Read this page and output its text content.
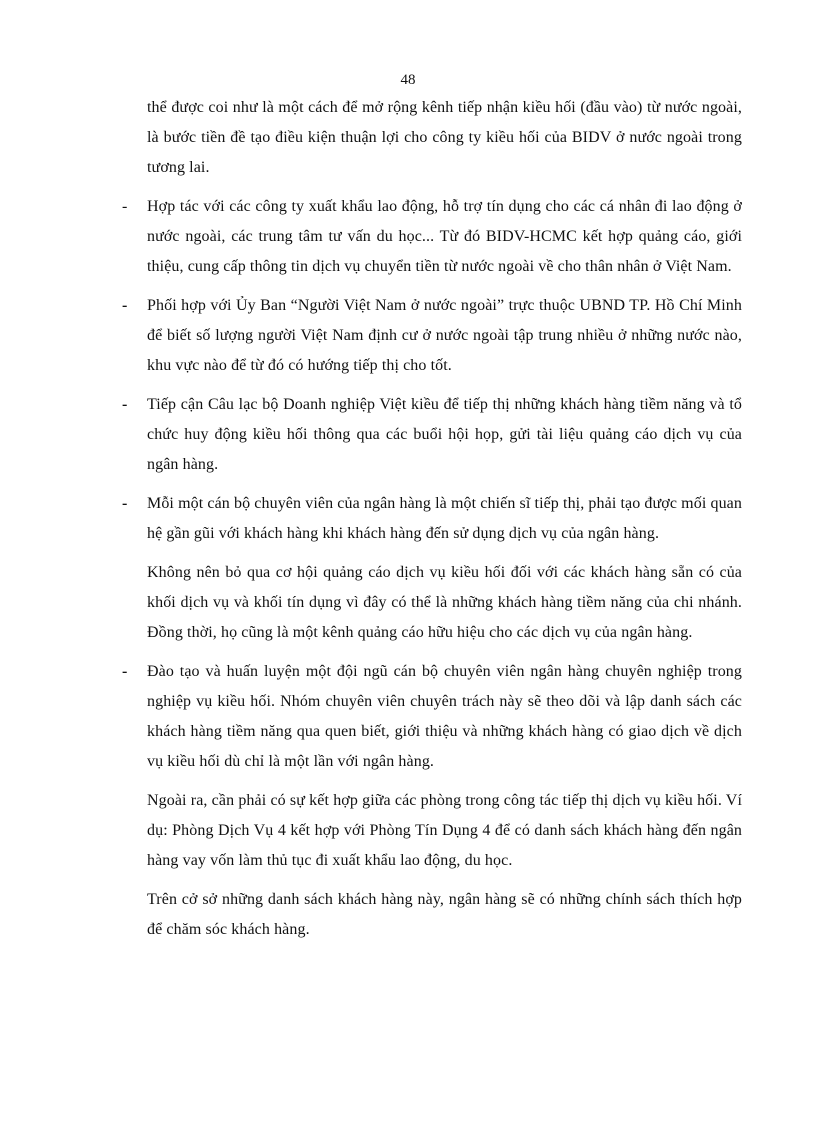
48

thể được coi như là một cách để mở rộng kênh tiếp nhận kiều hối (đầu vào) từ nước ngoài, là bước tiền đề tạo điều kiện thuận lợi cho công ty kiều hối của BIDV ở nước ngoài trong tương lai.

-	Hợp tác với các công ty xuất khẩu lao động, hỗ trợ tín dụng cho các cá nhân đi lao động ở nước ngoài, các trung tâm tư vấn du học... Từ đó BIDV-HCMC kết hợp quảng cáo, giới thiệu, cung cấp thông tin dịch vụ chuyển tiền từ nước ngoài về cho thân nhân ở Việt Nam.
-	Phối hợp với Ủy Ban “Người Việt Nam ở nước ngoài” trực thuộc UBND TP. Hồ Chí Minh để biết số lượng người Việt Nam định cư ở nước ngoài tập trung nhiều ở những nước nào, khu vực nào để từ đó có hướng tiếp thị cho tốt.
-	Tiếp cận Câu lạc bộ Doanh nghiệp Việt kiều để tiếp thị những khách hàng tiềm năng và tổ chức huy động kiều hối thông qua các buổi hội họp, gửi tài liệu quảng cáo dịch vụ của ngân hàng.
-	Mỗi một cán bộ chuyên viên của ngân hàng là một chiến sĩ tiếp thị, phải tạo được mối quan hệ gần gũi với khách hàng khi khách hàng đến sử dụng dịch vụ của ngân hàng.

Không nên bỏ qua cơ hội quảng cáo dịch vụ kiều hối đối với các khách hàng sẵn có của khối dịch vụ và khối tín dụng vì đây có thể là những khách hàng tiềm năng của chi nhánh. Đồng thời, họ cũng là một kênh quảng cáo hữu hiệu cho các dịch vụ của ngân hàng.

-	Đào tạo và huấn luyện một đội ngũ cán bộ chuyên viên ngân hàng chuyên nghiệp trong nghiệp vụ kiều hối. Nhóm chuyên viên chuyên trách này sẽ theo dõi và lập danh sách các khách hàng tiềm năng qua quen biết, giới thiệu và những khách hàng có giao dịch về dịch vụ kiều hối dù chỉ là một lần với ngân hàng.

Ngoài ra, cần phải có sự kết hợp giữa các phòng trong công tác tiếp thị dịch vụ kiều hối. Ví dụ: Phòng Dịch Vụ 4 kết hợp với Phòng Tín Dụng 4 để có danh sách khách hàng đến ngân hàng vay vốn làm thủ tục đi xuất khẩu lao động, du học.

Trên cở sở những danh sách khách hàng này, ngân hàng sẽ có những chính sách thích hợp để chăm sóc khách hàng.
